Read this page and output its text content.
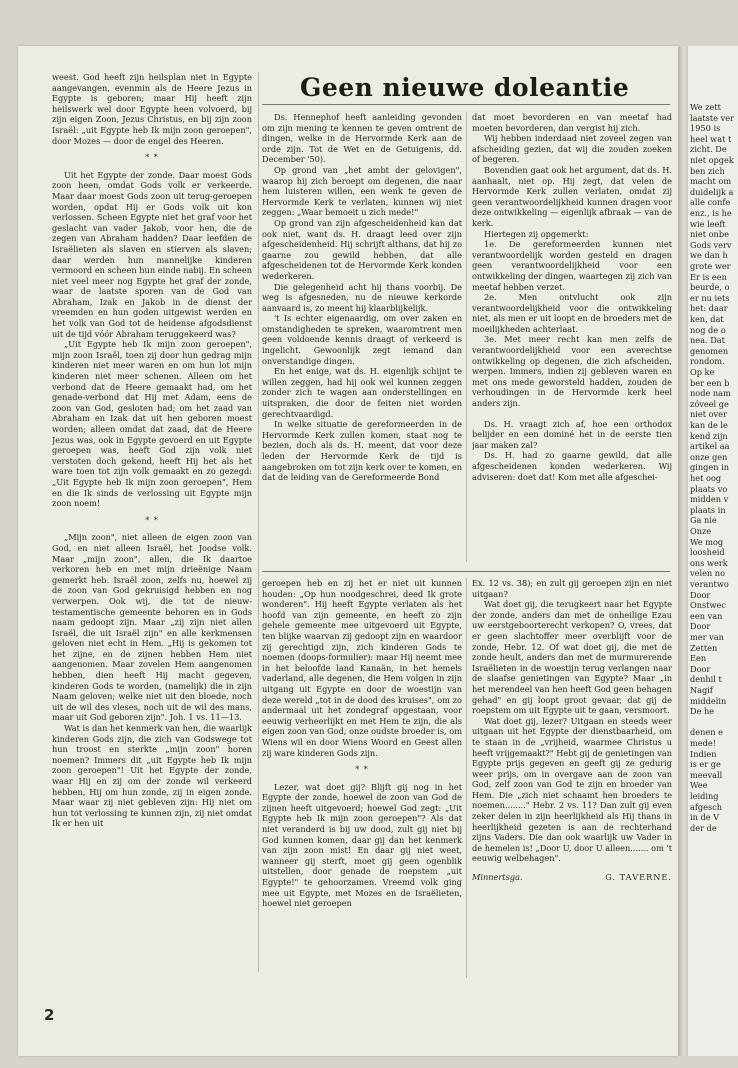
weest. God heeft zijn heilsplan niet in Egypte aangevangen, evenmin als de Heere Jezus in Egypte is geboren; maar Hij heeft zijn heilswerk wel door Egypte heen volvoerd, bij zijn eigen Zoon, Jezus Christus, en bij zijn zoon Israël: „uit Egypte heb Ik mijn zoon geroepen", door Mozes — door de engel des Heeren.

* *

Uit het Egypte der zonde. Daar moest Gods zoon heen, omdat Gods volk er verkeerde. Maar daar moest Gods zoon uit terug-geroepen worden, opdat Hij er Gods volk uit kon verlossen. Scheen Egypte niet het graf voor het geslacht van vader Jakob, voor hen, die de zegen van Abraham hadden? Daar leefden de Israëlieten als slaven en stierven als slaven; daar werden hun mannelijke kinderen vermoord en scheen hun einde nabij. En scheen niet veel meer nog Egypte het graf der zonde, waar de laatste sporen van de God van Abraham, Izak en Jakob in de dienst der vreemden en hun goden uitgewist werden en het volk van God tot de heidense afgodsdienst uit de tijd vóór Abraham teruggekeerd was?

„Uit Egypte heb Ik mijn zoon geroepen", mijn zoon Israël, toen zij door hun gedrag mijn kinderen niet meer waren en om hun lot mijn kinderen niet meer schenen. Alleen om het verbond dat de Heere gemaakt had, om het genade-verbond dat Hij met Adam, eens de zoon van God, gesloten had; om het zaad van Abraham en Izak dat uit hen geboren moest worden; alleen omdat dat zaad, dat de Heere Jezus was, ook in Egypte gevoerd en uit Egypte geroepen was, heeft God zijn volk niet verstoten doch gekend, heeft Hij het als het ware toen tot zijn volk gemaakt en zo gezegd: „Uit Egypte heb Ik mijn zoon geroepen", Hem en die Ik sinds de verlossing uit Egypte mijn zoon noem!

* *

„Mijn zoon", niet alleen de eigen zoon van God, en niet alleen Israël, het Joodse volk. Maar „mijn zoon", allen, die Ik daartoe verkoren heb en met mijn drieënige Naam gemerkt heb. Israël zoon, zelfs nu, hoewel zij de zoon van God gekruisigd hebben en nog verwerpen. Ook wij, die tot de nieuw-testamentische gemeente behoren en in Gods naam gedoopt zijn. Maar „zij zijn niet allen Israël, die uit Israël zijn" en alle kerkmensen geloven niet echt in Hem. „Hij is gekomen tot het zijne, en de zijnen hebben Hem niet aangenomen. Maar zovelen Hem aangenomen hebben, dien heeft Hij macht gegeven, kinderen Gods te worden, (namelijk) die in zijn Naam geloven; welke niet uit den bloede, noch uit de wil des vleses, noch uit de wil des mans, maar uit God geboren zijn". Joh. 1 vs. 11—13.

Wat is dan het kenmerk van hen, die waarlijk kinderen Gods zijn, die zich van Godswege tot hun troost en sterkte „mijn zoon" horen noemen? Immers dit „uit Egypte heb Ik mijn zoon geroepen"! Uit het Egypte der zonde, waar Hij en zij om der zonde wil verkeerd hebben, Hij om hun zonde, zij in eigen zonde. Maar waar zij niet gebleven zijn: Hij niet om hun tot verlossing te kunnen zijn, zij niet omdat Ik er hen uit

Geen nieuwe doleantie

Ds. Hennephof heeft aanleiding gevonden om zijn mening te kennen te geven omtrent de dingen, welke in de Hervormde Kerk aan de orde zijn. Tot de Wet en de Getuigenis, dd. December '50).

Op grond van „het ambt der gelovigen", waarop hij zich beroept om degenen, die naar hem luisteren willen, een wenk te geven de Hervormde Kerk te verlaten, kunnen wij niet zeggen: „Waar bemoeit u zich mede!"

Op grond van zijn afgescheidenheid kan dat ook niet, want ds. H. draagt leed over zijn afgescheidenheid. Hij schrijft althans, dat hij zo gaarne zou gewild hebben, dat alle afgescheidenen tot de Hervormde Kerk konden wederkeren.

Die gelegenheid acht hij thans voorbij. De weg is afgesneden, nu de nieuwe kerkorde aanvaard is, zo meent hij klaarblijkelijk.

't Is echter eigenaardig, om over zaken en omstandigheden te spreken, waaromtrent men geen voldoende kennis draagt of verkeerd is ingelicht. Gewoonlijk zegt iemand dan onverstandige dingen.

En het enige, wat ds. H. eigenlijk schijnt te willen zeggen, had hij ook wel kunnen zeggen zonder zich te wagen aan onderstellingen en uitspraken, die door de feiten niet worden gerechtvaardigd.

In welke situatie de gereformeerden in de Hervormde Kerk zullen komen, staat nog te bezien, doch als ds. H. meent, dat voor deze leden der Hervormde Kerk de tijd is aangebroken om tot zijn kerk over te komen, en dat de leiding van de Gereformeerde Bond

dat moet bevorderen en van meetaf had moeten bevorderen, dan vergist hij zich.

Wij hebben inderdaad niet zoveel zegen van afscheiding gezien, dat wij die zouden zoeken of begeren.

Bovendien gaat ook het argument, dat ds. H. aanhaalt, niet op. Hij zegt, dat velen de Hervormde Kerk zullen verlaten, omdat zij geen verantwoordelijkheid kunnen dragen voor deze ontwikkeling — eigenlijk afbraak — van de kerk.

Hiertegen zij opgemerkt:

1e. De gereformeerden kunnen niet verantwoordelijk worden gesteld en dragen geen verantwoordelijkheid voor een ontwikkeling der dingen, waartegen zij zich van meetaf hebben verzet.

2e. Men ontvlucht ook zijn verantwoordelijkheid voor die ontwikkeling niet, als men er uit loopt en de broeders met de moeilijkheden achterlaat.

3e. Met meer recht kan men zelfs de verantwoordelijkheid voor een averechtse ontwikkeling op degenen, die zich afscheiden, werpen. Immers, indien zij gebleven waren en met ons mede geworsteld hadden, zouden de verhoudingen in de Hervormde kerk heel anders zijn.

Ds. H. vraagt zich af, hoe een orthodox belijder en een dominé het in de eerste tien jaar maken zal?

Ds. H. had zo gaarne gewild, dat alle afgescheidenen konden wederkeren. Wij adviseren: doet dat! Kom met alle afgeschei-

geroepen heb en zij het er niet uit kunnen houden: „Op hun noodgeschrei, deed Ik grote wonderen". Hij heeft Egypte verlaten als het hoofd van zijn gemeente, en heeft zo zijn gehele gemeente mee uitgevoerd uit Egypte, ten blijke waarvan zij gedoopt zijn en waardoor zij gerechtigd zijn, zich kinderen Gods te noemen (doops-formulier): maar Hij neemt mee in het beloofde land Kanaän, in het hemels vaderland, alle degenen, die Hem volgen in zijn uitgang uit Egypte en door de woestijn van deze wereld „tot in de dood des kruises", om zo andermaal uit het zondegraf opgestaan, voor eeuwig verheerlijkt en met Hem te zijn, die als eigen zoon van God, onze oudste broeder is, om Wiens wil en door Wiens Woord en Geest allen zij ware kinderen Gods zijn.

* *

Lezer, wat doet gij? Blijft gij nog in het Egypte der zonde, hoewel de zoon van God de zijnen heeft uitgevoerd; hoewel God zegt: „Uit Egypte heb Ik mijn zoon geroepen"? Als dat niet veranderd is bij uw dood, zult gij niet bij God kunnen komen, daar gij dan het kenmerk van zijn zoon mist! En daar gij niet weet, wanneer gij sterft, moet gij geen ogenblik uitstellen, door genade de roepstem „uit Egypte!" te gehoorzamen. Vreemd volk ging mee uit Egypte, met Mozes en de Israëlieten, hoewel niet geroepen

Ex. 12 vs. 38); en zult gij geroepen zijn en niet uitgaan?

Wat doet gij, die terugkeert naar het Egypte der zonde, anders dan met de onheilige Ezau uw eerstgeboorterecht verkopen? O, vrees, dat er geen slachtoffer meer overblijft voor de zonde, Hebr. 12. Of wat doet gij, die met de zonde heult, anders dan met de murmurerende Israëlieten in de woestijn terug verlangen naar de slaafse genietingen van Egypte? Maar „in het merendeel van hen heeft God geen behagen gehad" en gij loopt groot gevaar, dat gij de roepstem om uit Egypte uit te gaan, versmoort.

Wat doet gij, lezer? Uitgaan en steeds weer uitgaan uit het Egypte der dienstbaarheid, om te staan in de „vrijheid, waarmee Christus u heeft vrijgemaakt?" Hebt gij de genietingen van Egypte prijs gegeven en geeft gij ze gedurig weer prijs, om in overgave aan de zoon van God, zelf zoon van God te zijn en broeder van Hem. Die „zich niet schaamt hen broeders te noemen........" Hebr. 2 vs. 11? Dan zult gij even zeker delen in zijn heerlijkheid als Hij thans in heerlijkheid gezeten is aan de rechterhand zijns Vaders. Die dan ook waarlijk uw Vader in de hemelen is! „Door U, door U alleen....... om 't eeuwig welbehagen".

Minnertsga.	G. TAVERNE.
2
We zett
laatste ver
1950 is
heel wat t
zicht. De
niet opgek
ben zich
macht om
duidelijk a
alle confe
enz., is he
wie leeft
niet onbe
Gods verv
we dan h
grote wer
Er is een
beurde, o
er nu iets
het: daar
ken, dat
nog de o
nea. Dat
genomen
rondom.
Op ke
ber een b
node nam
zóveel ge
niet over
kan de le
kend zijn
artikel aa
onze gen
gingen in
het oog
plaats vo
midden v
plaats in
Ga nie
Onze
We mog
loosheid
ons werk
velen no
verantwo
Door
Onstwec
een van
Door
mer van
Zetten
Een
Door
denhil t
Nagif
middelin
De he
denen e
mede!
Indien
is er ge
meevall
Wee
leiding
afgesch
in de V
der de
